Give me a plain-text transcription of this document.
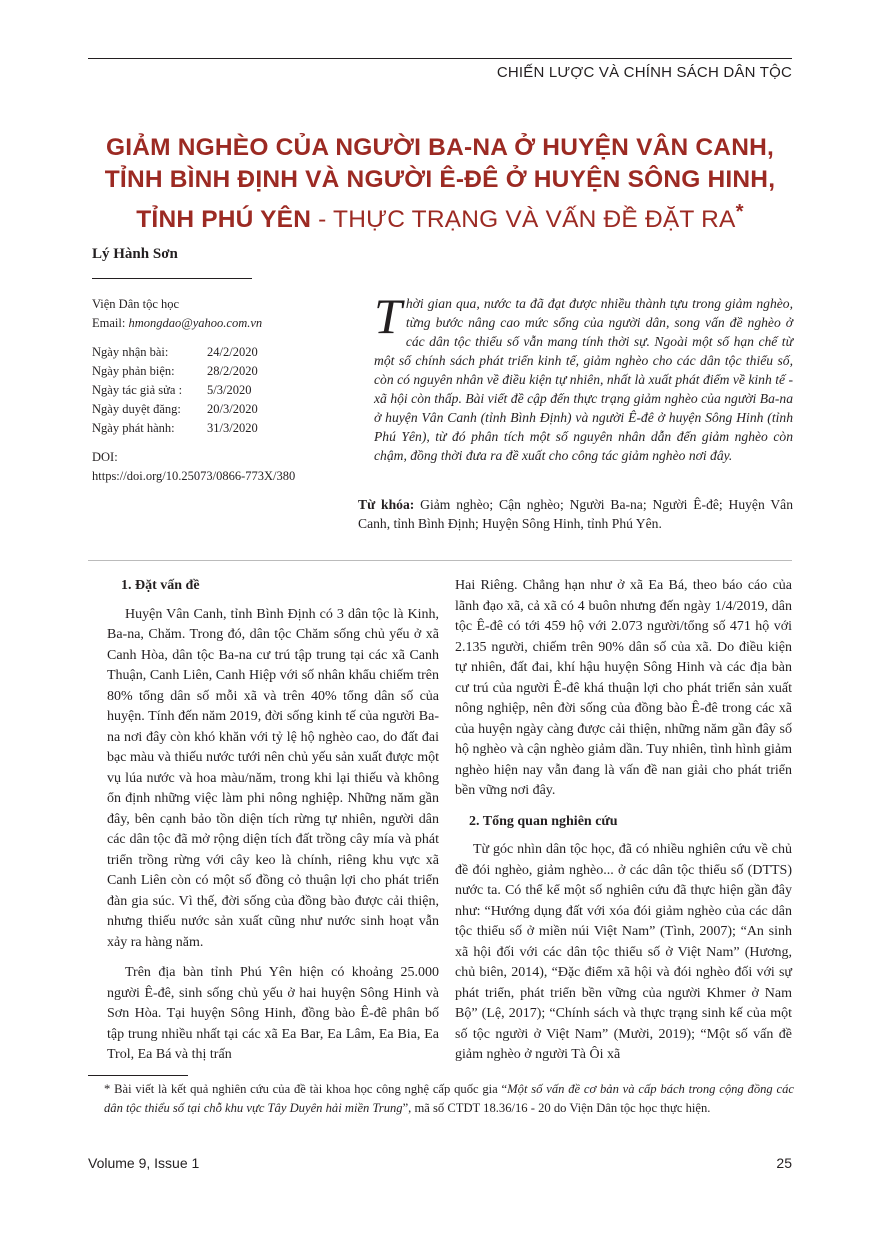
CHIẾN LƯỢC VÀ CHÍNH SÁCH DÂN TỘC
GIẢM NGHÈO CỦA NGƯỜI BA-NA Ở HUYỆN VÂN CANH,
TỈNH BÌNH ĐỊNH VÀ NGƯỜI Ê-ĐÊ Ở HUYỆN SÔNG HINH,
TỈNH PHÚ YÊN - THỰC TRẠNG VÀ VẤN ĐỀ ĐẶT RA*
Lý Hành Sơn
Viện Dân tộc học
Email: hmongdao@yahoo.com.vn
Ngày nhận bài:	24/2/2020
Ngày phản biện:	28/2/2020
Ngày tác giả sửa :	5/3/2020
Ngày duyệt đăng:	20/3/2020
Ngày phát hành:	31/3/2020
DOI:
https://doi.org/10.25073/0866-773X/380
Thời gian qua, nước ta đã đạt được nhiều thành tựu trong giảm nghèo, từng bước nâng cao mức sống của người dân, song vấn đề nghèo ở các dân tộc thiểu số vẫn mang tính thời sự. Ngoài một số hạn chế từ một số chính sách phát triển kinh tế, giảm nghèo cho các dân tộc thiểu số, còn có nguyên nhân về điều kiện tự nhiên, nhất là xuất phát điểm về kinh tế - xã hội còn thấp. Bài viết đề cập đến thực trạng giảm nghèo của người Ba-na ở huyện Vân Canh (tỉnh Bình Định) và người Ê-đê ở huyện Sông Hinh (tỉnh Phú Yên), từ đó phân tích một số nguyên nhân dẫn đến giảm nghèo còn chậm, đồng thời đưa ra đề xuất cho công tác giảm nghèo nơi đây.
Từ khóa: Giảm nghèo; Cận nghèo; Người Ba-na; Người Ê-đê; Huyện Vân Canh, tỉnh Bình Định; Huyện Sông Hinh, tỉnh Phú Yên.
1. Đặt vấn đề

Huyện Vân Canh, tỉnh Bình Định có 3 dân tộc là Kinh, Ba-na, Chăm. Trong đó, dân tộc Chăm sống chủ yếu ở xã Canh Hòa, dân tộc Ba-na cư trú tập trung tại các xã Canh Thuận, Canh Liên, Canh Hiệp với số nhân khẩu chiếm trên 80% tổng dân số mỗi xã và trên 40% tổng dân số của huyện. Tính đến năm 2019, đời sống kinh tế của người Ba-na nơi đây còn khó khăn với tỷ lệ hộ nghèo cao, do đất đai bạc màu và thiếu nước tưới nên chủ yếu sản xuất được một vụ lúa nước và hoa màu/năm, trong khi lại thiếu và không ổn định những việc làm phi nông nghiệp. Những năm gần đây, bên cạnh bảo tồn diện tích rừng tự nhiên, người dân các dân tộc đã mở rộng diện tích đất trồng cây mía và phát triển trồng rừng với cây keo là chính, riêng khu vực xã Canh Liên còn có một số đồng cỏ thuận lợi cho phát triển đàn gia súc. Vì thế, đời sống của đồng bào được cải thiện, nhưng thiếu nước sản xuất cũng như nước sinh hoạt vẫn xảy ra hàng năm.

Trên địa bàn tỉnh Phú Yên hiện có khoảng 25.000 người Ê-đê, sinh sống chủ yếu ở hai huyện Sông Hinh và Sơn Hòa. Tại huyện Sông Hinh, đồng bào Ê-đê phân bố tập trung nhiều nhất tại các xã Ea Bar, Ea Lâm, Ea Bia, Ea Trol, Ea Bá và thị trấn

Hai Riêng. Chẳng hạn như ở xã Ea Bá, theo báo cáo của lãnh đạo xã, cả xã có 4 buôn nhưng đến ngày 1/4/2019, dân tộc Ê-đê có tới 459 hộ với 2.073 người/tổng số 471 hộ với 2.135 người, chiếm trên 90% dân số của xã. Do điều kiện tự nhiên, đất đai, khí hậu huyện Sông Hinh và các địa bàn cư trú của người Ê-đê khá thuận lợi cho phát triển sản xuất nông nghiệp, nên đời sống của đồng bào Ê-đê trong các xã của huyện ngày càng được cải thiện, những năm gần đây số hộ nghèo và cận nghèo giảm dần. Tuy nhiên, tình hình giảm nghèo hiện nay vẫn đang là vấn đề nan giải cho phát triển bền vững nơi đây.

2. Tổng quan nghiên cứu

Từ góc nhìn dân tộc học, đã có nhiều nghiên cứu về chủ đề đói nghèo, giảm nghèo... ở các dân tộc thiểu số (DTTS) nước ta. Có thể kể một số nghiên cứu đã thực hiện gần đây như: “Hướng dụng đất với xóa đói giảm nghèo của các dân tộc thiểu số ở miền núi Việt Nam” (Tình, 2007); “An sinh xã hội đối với các dân tộc thiểu số ở Việt Nam” (Hương, chủ biên, 2014), “Đặc điểm xã hội và đói nghèo đối với sự phát triển, phát triển bền vững của người Khmer ở Nam Bộ” (Lệ, 2017); “Chính sách và thực trạng sinh kế của một số tộc người ở Việt Nam” (Mười, 2019); “Một số vấn đề giảm nghèo ở người Tà Ôi xã

* Bài viết là kết quả nghiên cứu của đề tài khoa học công nghệ cấp quốc gia “Một số vấn đề cơ bản và cấp bách trong cộng đồng các dân tộc thiểu số tại chỗ khu vực Tây Duyên hải miền Trung”, mã số CTDT 18.36/16 - 20 do Viện Dân tộc học thực hiện.
Volume 9, Issue 1	25
